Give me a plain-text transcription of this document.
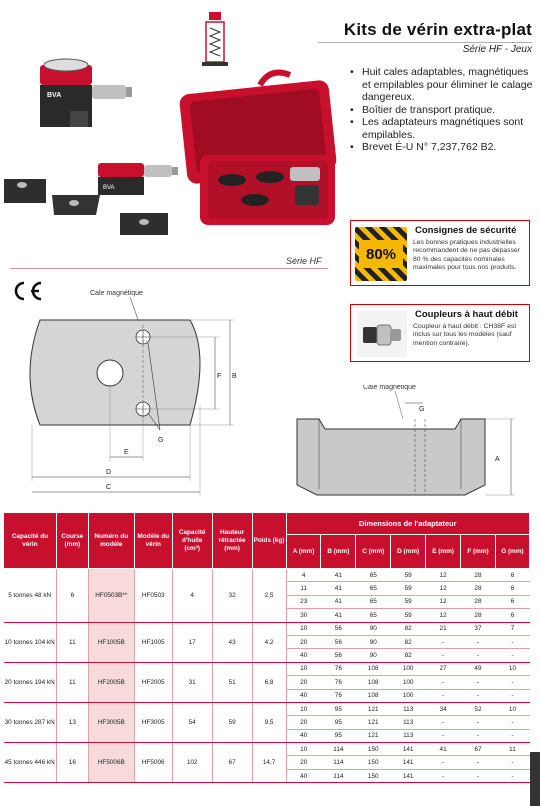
Kits de vérin extra-plat
Série HF - Jeux
BVA
BVA
Série HF
• Huit cales adaptables, magnétiques et empilables pour éliminer le calage dangereux.
• Boîtier de transport pratique.
• Les adaptateurs magnétiques sont empilables.
• Brevet É-U N° 7,237,762 B2.
80%
Consignes de sécurité
Les bonnes pratiques industrielles recommandent de ne pas dépasser 80 % des capacités nominales maximales pour tous nos produits.
Coupleurs à haut débit
Coupleur à haut débit : CH38F est inclus sur tous les modèles (sauf mention contraire).
Cale magnétique
G
F B
E
D
C
Cale magnétique
G
A
Capacité du vérin	Course (mm)	Numéro du modèle	Modèle du vérin	Capacité d'huile (cm³)	Hauteur rétractée (mm)	Poids (kg)	Dimensions de l'adaptateur						
							A (mm)	B (mm)	C (mm)	D (mm)	E (mm)	F (mm)	G (mm)
5 tonnes 48 kN	6	HF0503B**	HF0503	4	32	2,5	4	41	65	59	12	28	6
							11	41	65	59	12	28	6
							23	41	65	59	12	28	6
							30	41	65	59	12	28	6
10 tonnes 104 kN	11	HF1005B	HF1005	17	43	4,2	10	56	90	82	21	37	7
							20	56	90	82	-	-	-
							40	56	90	82	-	-	-
20 tonnes 194 kN	11	HF2005B	HF2005	31	51	6,8	10	76	108	100	27	49	10
							20	76	108	100	-	-	-
							40	76	108	100	-	-	-
30 tonnes 287 kN	13	HF3005B	HF3005	54	59	9,5	10	95	121	113	34	52	10
							20	95	121	113	-	-	-
							40	95	121	113	-	-	-
45 tonnes 446 kN	16	HF5006B	HF5006	102	67	14,7	10	114	150	141	41	67	11
							20	114	150	141	-	-	-
							40	114	150	141	-	-	-
